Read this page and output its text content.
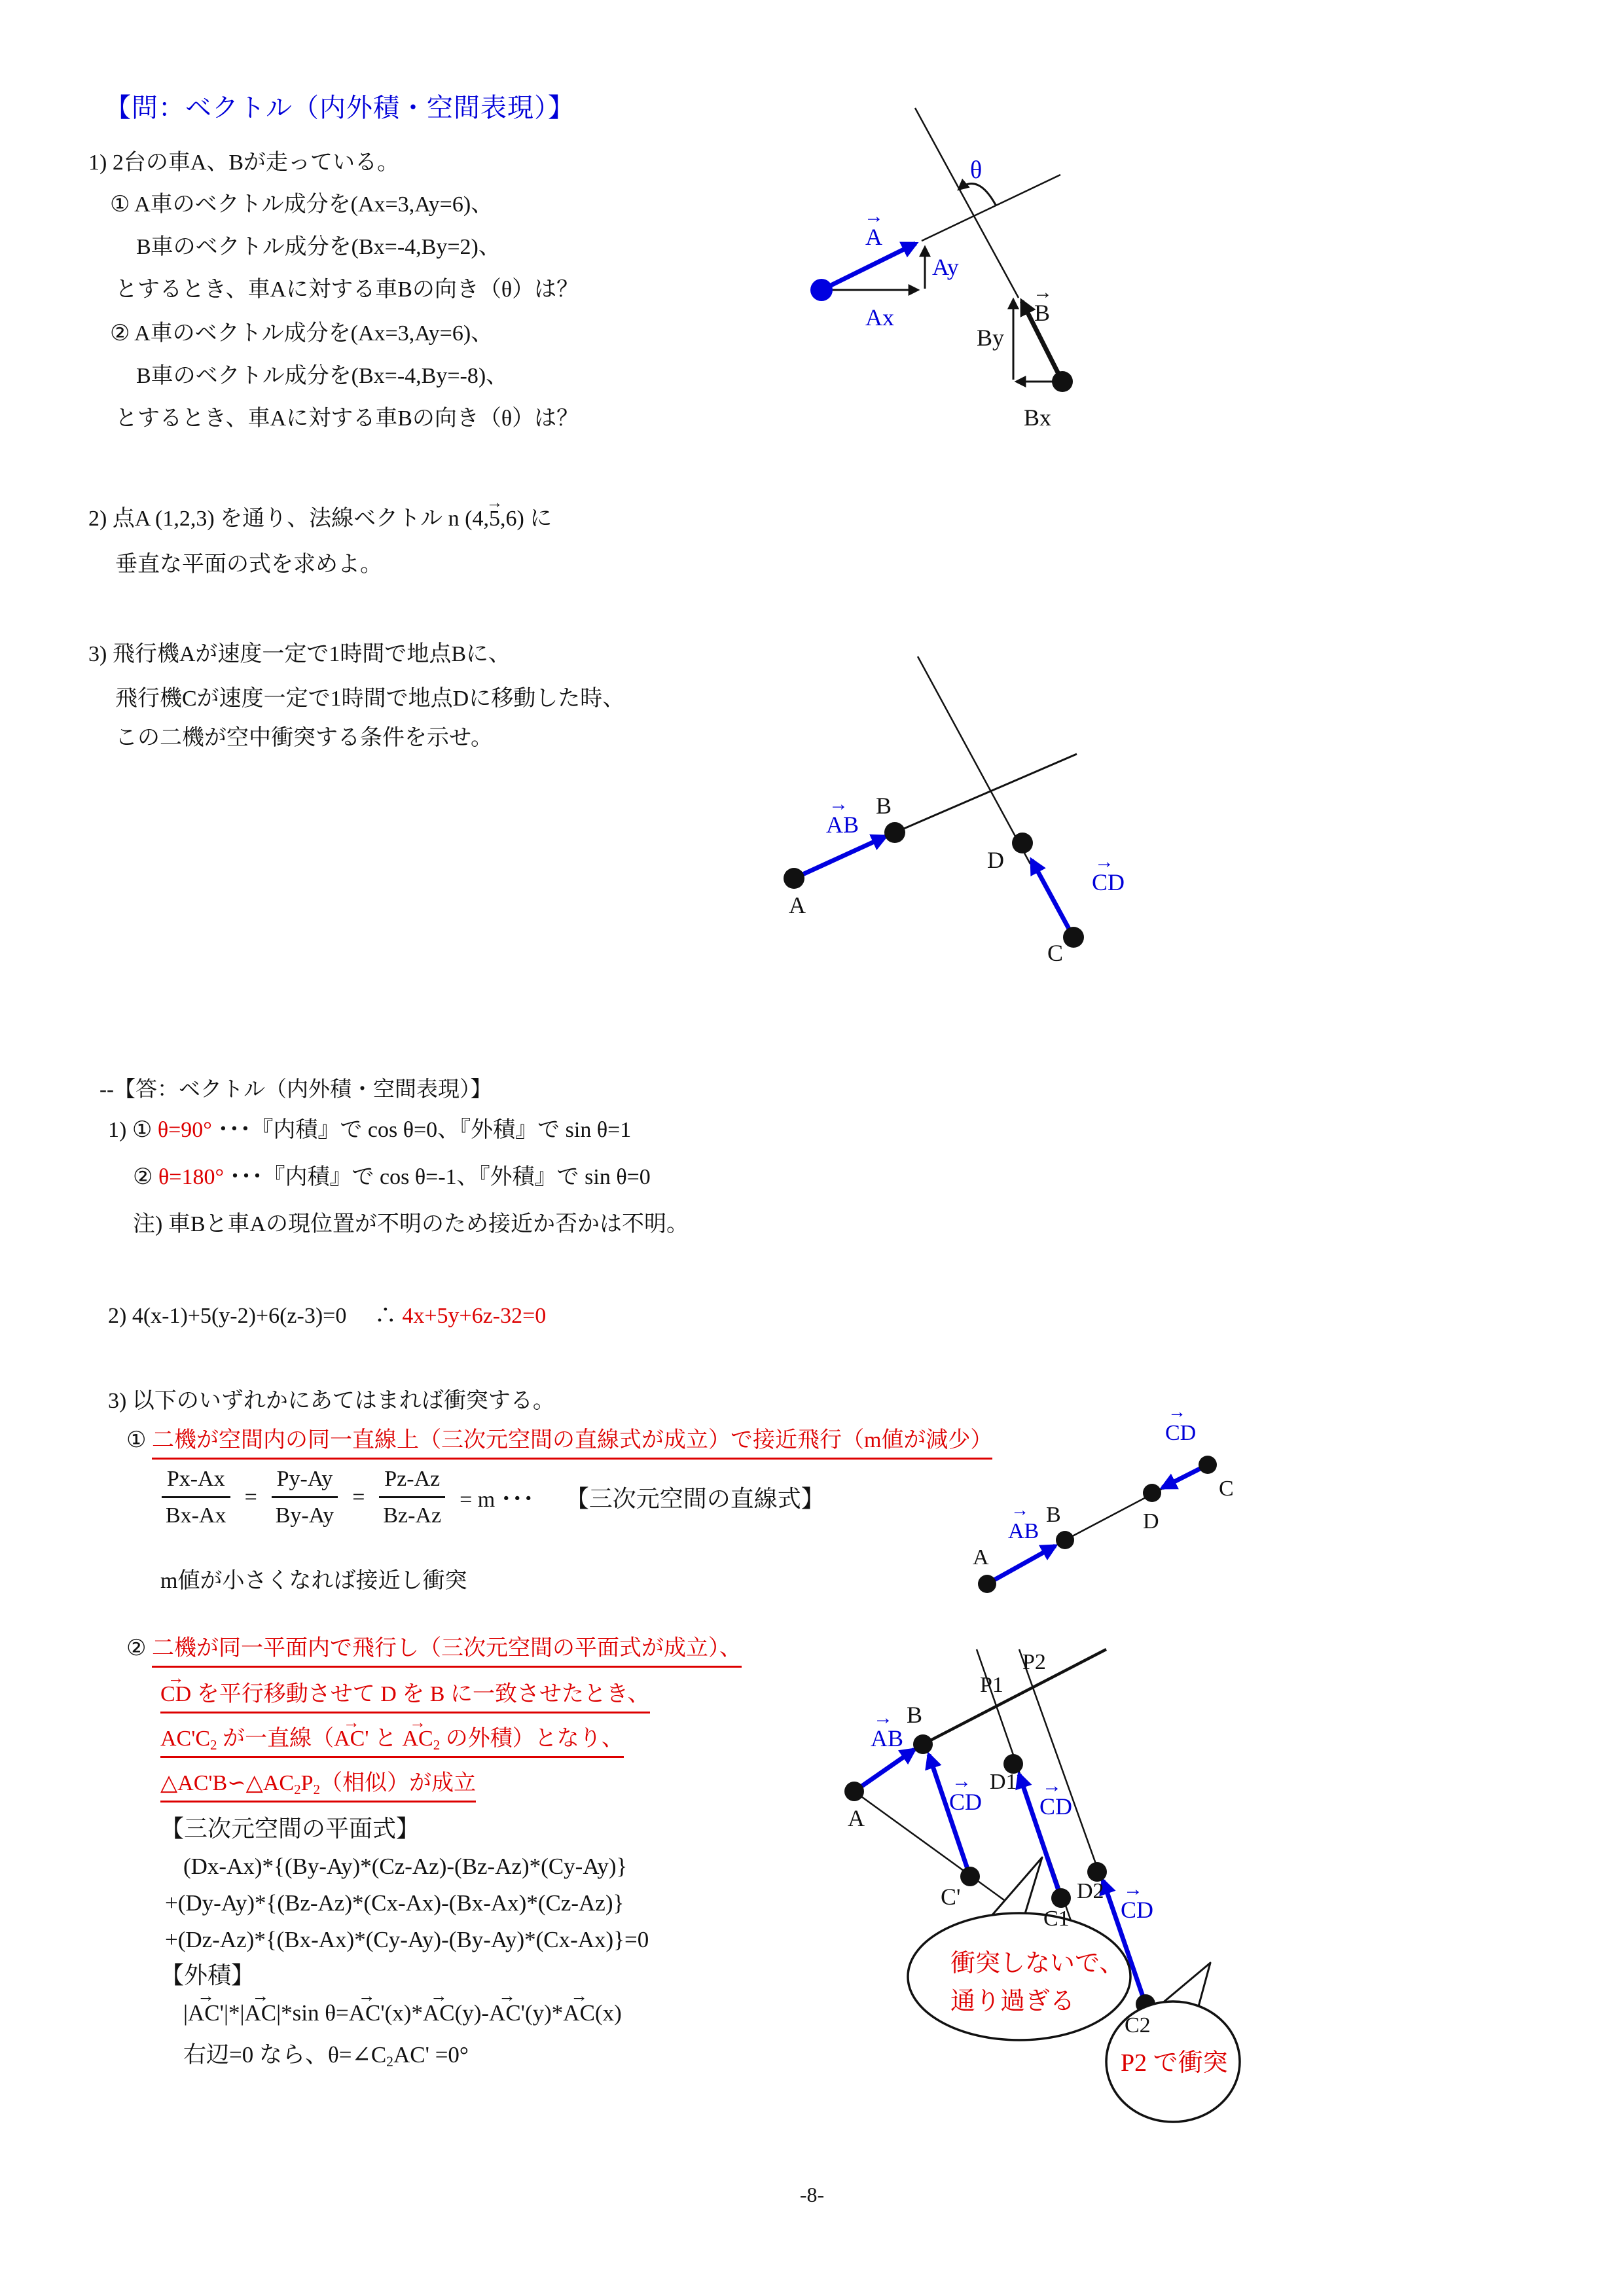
【問：ベクトル（内外積・空間表現）】
1) 2台の車A、Bが走っている。
① A車のベクトル成分を(Ax=3,Ay=6)、
B車のベクトル成分を(Bx=-4,By=2)、
とするとき、車Aに対する車Bの向き（θ）は？
② A車のベクトル成分を(Ax=3,Ay=6)、
B車のベクトル成分を(Bx=-4,By=-8)、
とするとき、車Aに対する車Bの向き（θ）は？
2) 点A (1,2,3) を通り、法線ベクトル n
→
(4,5,6) に
垂直な平面の式を求めよ。
3) 飛行機Aが速度一定で1時間で地点Bに、
飛行機Cが速度一定で1時間で地点Dに移動した時、
この二機が空中衝突する条件を示せ。
→
A
Ax
Ay
θ
→
B
By
Bx
→
AB
A
B
D
C
→
CD
--【答：ベクトル（内外積・空間表現）】
1) ① θ=90° ･･･『内積』で cos θ=0、『外積』で sin θ=1
② θ=180° ･･･『内積』で cos θ=-1、『外積』で sin θ=0
注) 車Bと車Aの現位置が不明のため接近か否かは不明。
2) 4(x-1)+5(y-2)+6(z-3)=0　 ∴ 4x+5y+6z-32=0
3) 以下のいずれかにあてはまれば衝突する。
① 二機が空間内の同一直線上（三次元空間の直線式が成立）で接近飛行（m値が減少）
$\frac{Px-Ax}{Bx-Ax} = \frac{Py-Ay}{By-Ay} = \frac{Pz-Az}{Bz-Az} = m$ ･･･ 【三次元空間の直線式】
m値が小さくなれば接近し衝突
② 二機が同一平面内で飛行し（三次元空間の平面式が成立）、
→
CD を平行移動させて D を B に一致させたとき、
AC'C2 が一直線（
→
AC' と
→
AC2 の外積）となり、
△AC'B∽△AC2P2（相似）が成立
【三次元空間の平面式】
(Dx-Ax)*{(By-Ay)*(Cz-Az)-(Bz-Az)*(Cy-Ay)}
+(Dy-Ay)*{(Bz-Az)*(Cx-Ax)-(Bx-Ax)*(Cz-Az)}
+(Dz-Az)*{(Bx-Ax)*(Cy-Ay)-(By-Ay)*(Cx-Ax)}=0
【外積】
|
→
AC'|*|
→
AC|*sin θ=
→
AC'(x)*
→
AC(y)-
→
AC'(y)*
→
AC(x)
右辺=0 なら、θ=∠C2AC' =0°
A
B	D
C
→
AB
→
CD
衝突しないで、
通り過ぎる
P2 で衝突
→
AB
A
B
P1
P2
C'
D1
C1
D2
C2
→
CD
→
CD
→
CD
-8-
